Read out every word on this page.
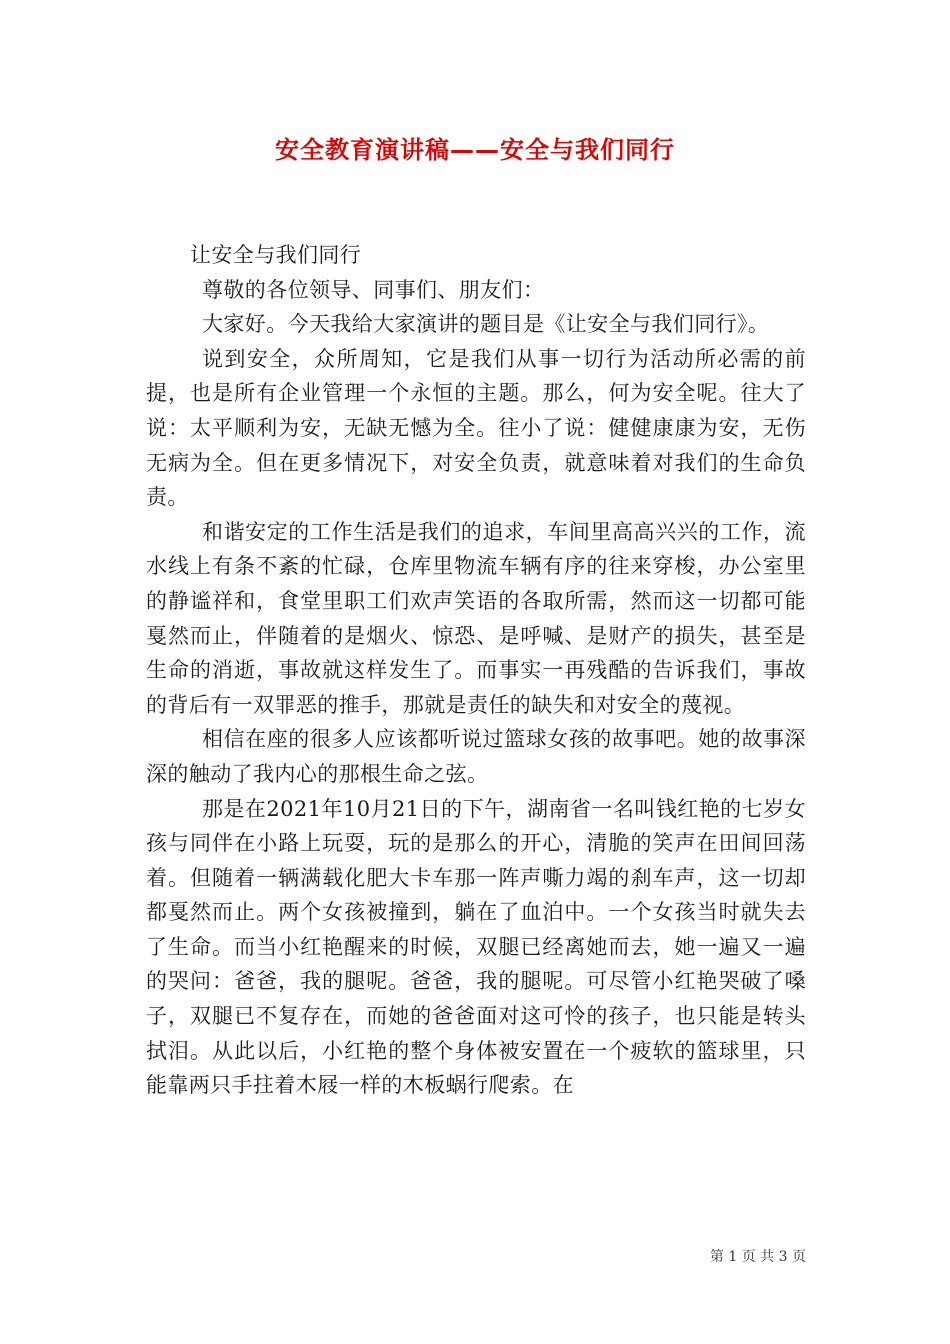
安全教育演讲稿——安全与我们同行

让安全与我们同行

尊敬的各位领导、同事们、朋友们：

大家好。今天我给大家演讲的题目是《让安全与我们同行》。

说到安全，众所周知，它是我们从事一切行为活动所必需的前提，也是所有企业管理一个永恒的主题。那么，何为安全呢。往大了说：太平顺利为安，无缺无憾为全。往小了说：健健康康为安，无伤无病为全。但在更多情况下，对安全负责，就意味着对我们的生命负责。

和谐安定的工作生活是我们的追求，车间里高高兴兴的工作，流水线上有条不紊的忙碌，仓库里物流车辆有序的往来穿梭，办公室里的静谧祥和，食堂里职工们欢声笑语的各取所需，然而这一切都可能戛然而止，伴随着的是烟火、惊恐、是呼喊、是财产的损失，甚至是生命的消逝，事故就这样发生了。而事实一再残酷的告诉我们，事故的背后有一双罪恶的推手，那就是责任的缺失和对安全的蔑视。

相信在座的很多人应该都听说过篮球女孩的故事吧。她的故事深深的触动了我内心的那根生命之弦。

那是在2021年10月21日的下午，湖南省一名叫钱红艳的七岁女孩与同伴在小路上玩耍，玩的是那么的开心，清脆的笑声在田间回荡着。但随着一辆满载化肥大卡车那一阵声嘶力竭的刹车声，这一切却都戛然而止。两个女孩被撞到，躺在了血泊中。一个女孩当时就失去了生命。而当小红艳醒来的时候，双腿已经离她而去，她一遍又一遍的哭问：爸爸，我的腿呢。爸爸，我的腿呢。可尽管小红艳哭破了嗓子，双腿已不复存在，而她的爸爸面对这可怜的孩子，也只能是转头拭泪。从此以后，小红艳的整个身体被安置在一个疲软的篮球里，只能靠两只手拄着木屐一样的木板蜗行爬索。在

第 1 页 共 3 页
